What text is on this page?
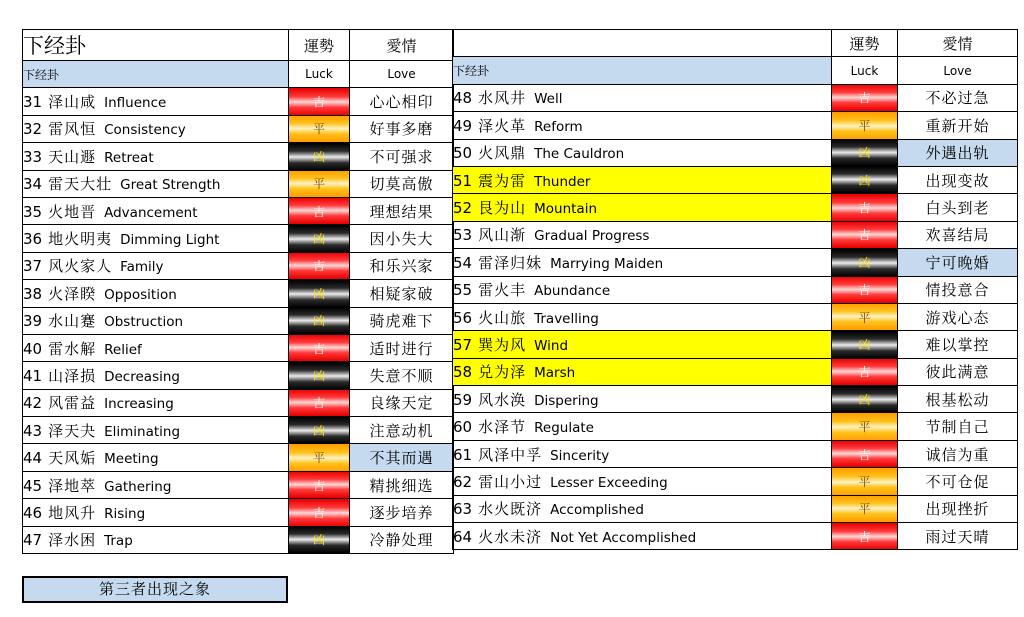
下经卦	運勢	愛情
下经卦	Luck	Love
31 泽山咸 Influence	吉	心心相印
32 雷风恒 Consistency	平	好事多磨
33 天山遯 Retreat	凶	不可强求
34 雷天大壮 Great Strength	平	切莫高傲
35 火地晋 Advancement	吉	理想结果
36 地火明夷 Dimming Light	凶	因小失大
37 风火家人 Family	吉	和乐兴家
38 火泽睽 Opposition	凶	相疑家破
39 水山蹇 Obstruction	凶	骑虎难下
40 雷水解 Relief	吉	适时进行
41 山泽损 Decreasing	凶	失意不顺
42 风雷益 Increasing	吉	良缘天定
43 泽天夬 Eliminating	凶	注意动机
44 天风姤 Meeting	平	不其而遇
45 泽地萃 Gathering	吉	精挑细选
46 地风升 Rising	吉	逐步培养
47 泽水困 Trap	凶	冷静处理
	運勢	愛情
下经卦	Luck	Love
48 水风井 Well	吉	不必过急
49 泽火革 Reform	平	重新开始
50 火风鼎 The Cauldron	凶	外遇出轨
51 震为雷 Thunder	凶	出现变故
52 艮为山 Mountain	吉	白头到老
53 风山渐 Gradual Progress	吉	欢喜结局
54 雷泽归妹 Marrying Maiden	凶	宁可晚婚
55 雷火丰 Abundance	吉	情投意合
56 火山旅 Travelling	平	游戏心态
57 巽为风 Wind	凶	难以掌控
58 兑为泽 Marsh	吉	彼此满意
59 风水涣 Dispering	凶	根基松动
60 水泽节 Regulate	平	节制自己
61 风泽中孚 Sincerity	吉	诚信为重
62 雷山小过 Lesser Exceeding	平	不可仓促
63 水火既济 Accomplished	平	出现挫折
64 火水未济 Not Yet Accomplished	吉	雨过天晴
第三者出现之象
